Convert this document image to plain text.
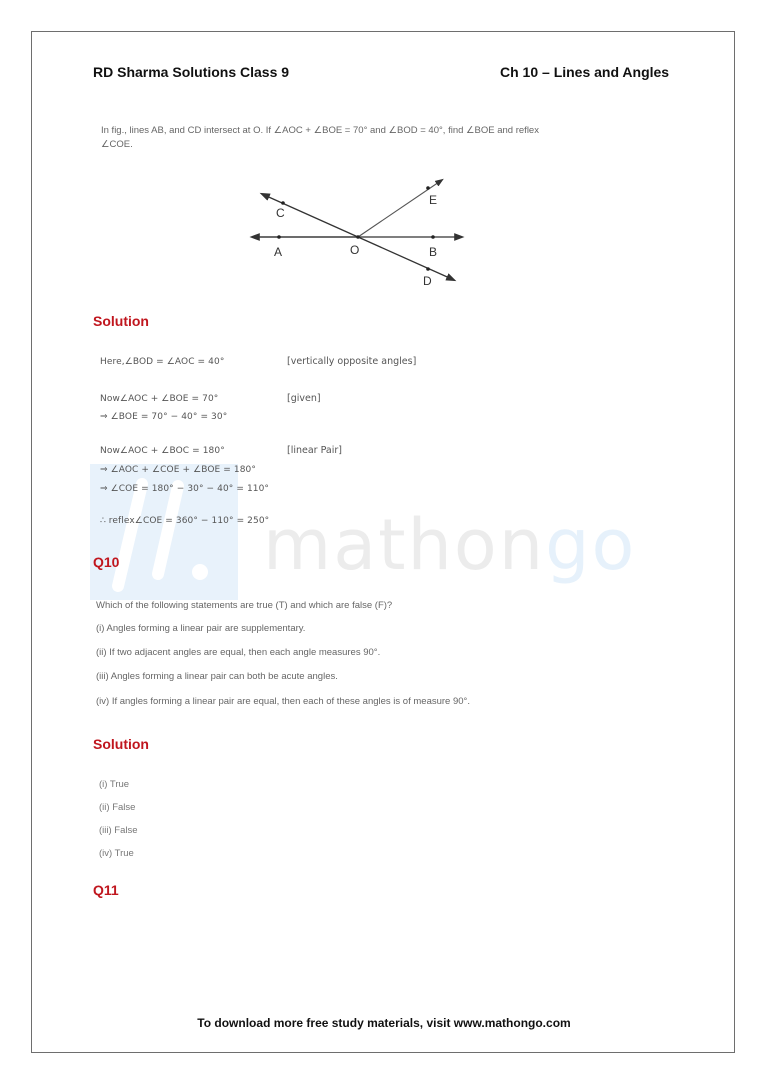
mathongo
RD Sharma Solutions Class 9	Ch 10 – Lines and Angles
In fig., lines AB, and CD intersect at O. If ∠AOC + ∠BOE = 70° and ∠BOD = 40°, find ∠BOE and reflex
∠COE.
A	B
C
D
E
O
Solution
Here,∠BOD = ∠AOC = 40°	[vertically opposite angles]
Now∠AOC + ∠BOE = 70°	[given]
⇒ ∠BOE = 70° − 40° = 30°
Now∠AOC + ∠BOC = 180°	[linear Pair]
⇒ ∠AOC + ∠COE + ∠BOE = 180°
⇒ ∠COE = 180° − 30° − 40° = 110°
∴ reflex∠COE = 360° − 110° = 250°
Q10
Which of the following statements are true (T) and which are false (F)?
(i) Angles forming a linear pair are supplementary.
(ii) If two adjacent angles are equal, then each angle measures 90°.
(iii) Angles forming a linear pair can both be acute angles.
(iv) If angles forming a linear pair are equal, then each of these angles is of measure 90°.
Solution
(i) True
(ii) False
(iii) False
(iv) True
Q11
To download more free study materials, visit www.mathongo.com
